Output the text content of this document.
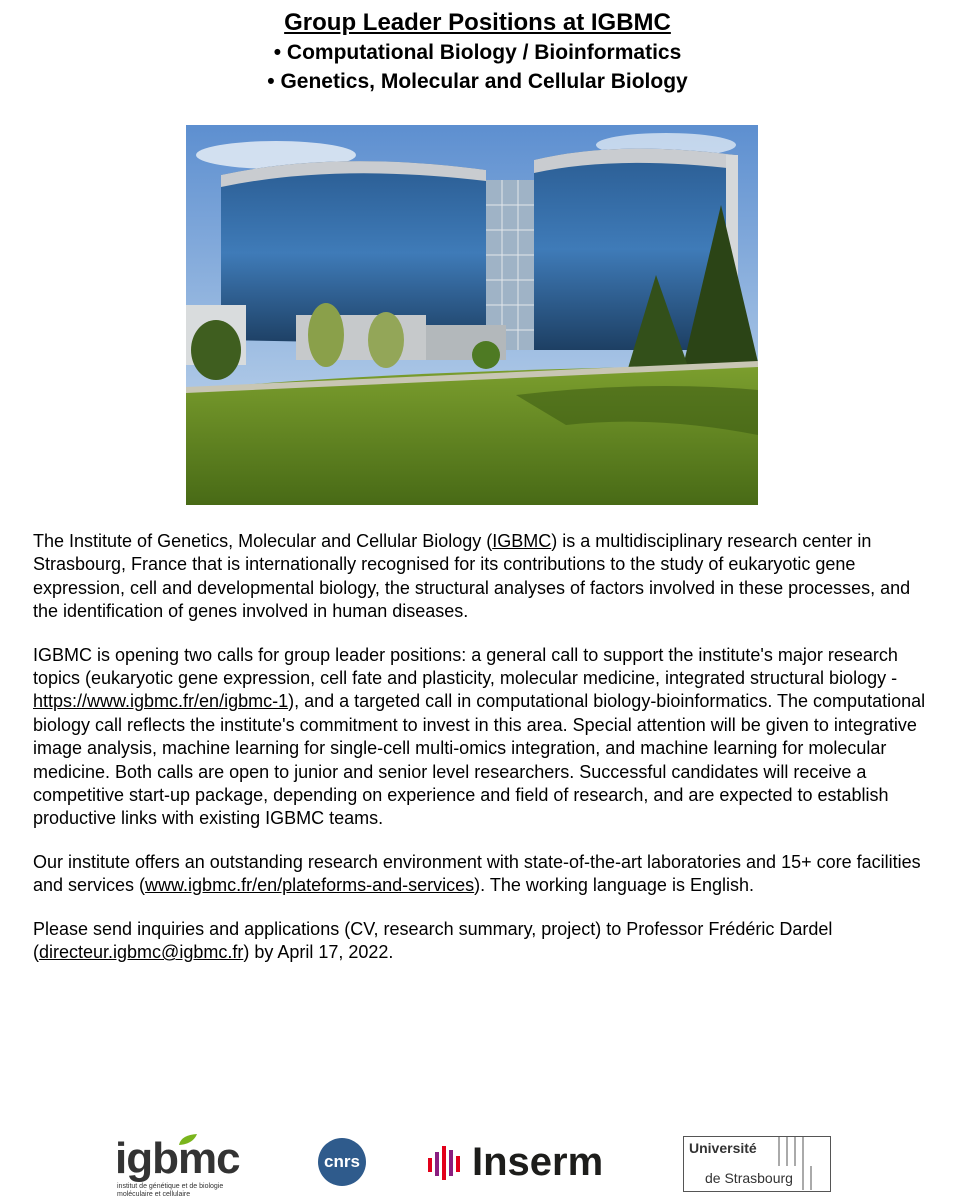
Group Leader Positions at IGBMC
• Computational Biology / Bioinformatics
• Genetics, Molecular and Cellular Biology

The Institute of Genetics, Molecular and Cellular Biology (IGBMC) is a multidisciplinary research center in Strasbourg, France that is internationally recognised for its contributions to the study of eukaryotic gene expression, cell and developmental biology, the structural analyses of factors involved in these processes, and the identification of genes involved in human diseases.

IGBMC is opening two calls for group leader positions: a general call to support the institute's major research topics (eukaryotic gene expression, cell fate and plasticity, molecular medicine, integrated structural biology - https://www.igbmc.fr/en/igbmc-1), and a targeted call in computational biology-bioinformatics. The computational biology call reflects the institute's commitment to invest in this area. Special attention will be given to integrative image analysis, machine learning for single-cell multi-omics integration, and machine learning for molecular medicine. Both calls are open to junior and senior level researchers. Successful candidates will receive a competitive start-up package, depending on experience and field of research, and are expected to establish productive links with existing IGBMC teams.

Our institute offers an outstanding research environment with state-of-the-art laboratories and 15+ core facilities and services (www.igbmc.fr/en/plateforms-and-services). The working language is English.

Please send inquiries and applications (CV, research summary, project) to Professor Frédéric Dardel (directeur.igbmc@igbmc.fr) by April 17, 2022.

igbmc
institut de génétique et de biologie moléculaire et cellulaire
cnrs	Inserm	Université
de Strasbourg
